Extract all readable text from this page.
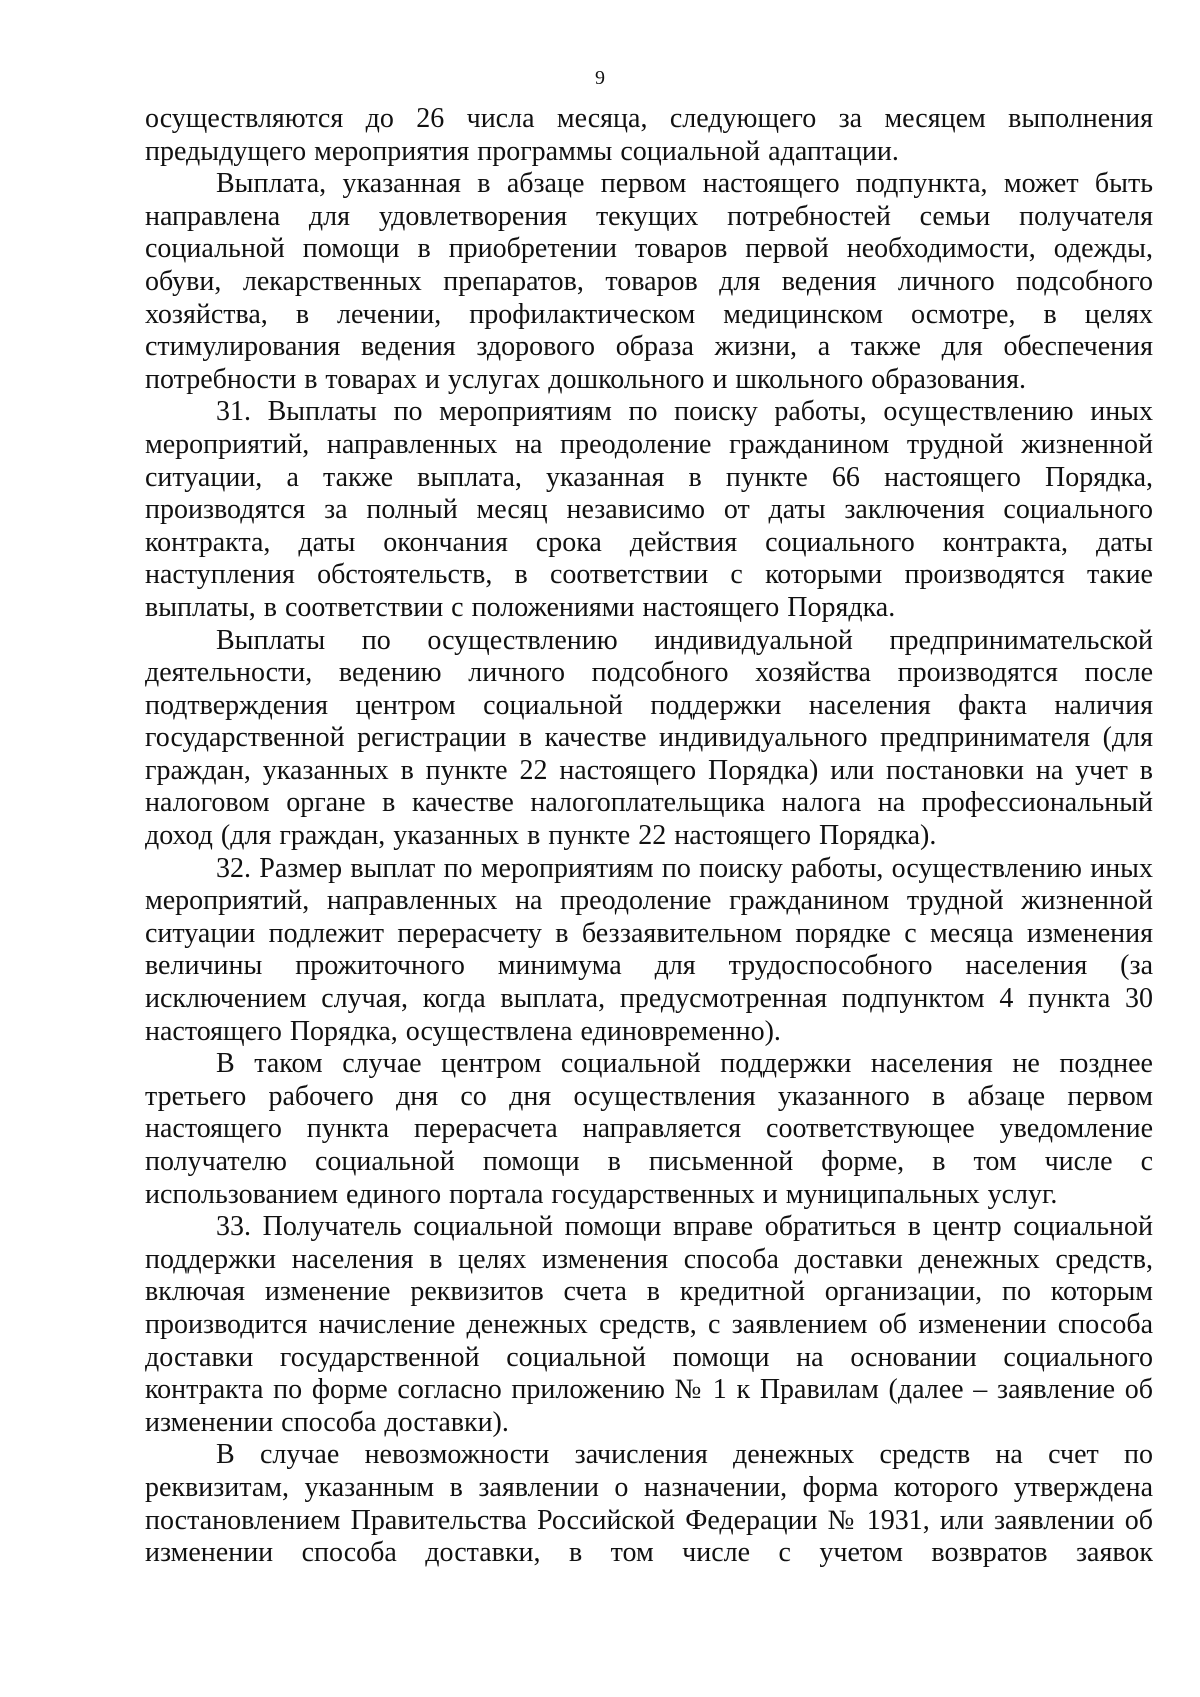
9

осуществляются до 26 числа месяца, следующего за месяцем выполнения предыдущего мероприятия программы социальной адаптации.

Выплата, указанная в абзаце первом настоящего подпункта, может быть направлена для удовлетворения текущих потребностей семьи получателя социальной помощи в приобретении товаров первой необходимости, одежды, обуви, лекарственных препаратов, товаров для ведения личного подсобного хозяйства, в лечении, профилактическом медицинском осмотре, в целях стимулирования ведения здорового образа жизни, а также для обеспечения потребности в товарах и услугах дошкольного и школьного образования.

31. Выплаты по мероприятиям по поиску работы, осуществлению иных мероприятий, направленных на преодоление гражданином трудной жизненной ситуации, а также выплата, указанная в пункте 66 настоящего Порядка, производятся за полный месяц независимо от даты заключения социального контракта, даты окончания срока действия социального контракта, даты наступления обстоятельств, в соответствии с которыми производятся такие выплаты, в соответствии с положениями настоящего Порядка.

Выплаты по осуществлению индивидуальной предпринимательской деятельности, ведению личного подсобного хозяйства производятся после подтверждения центром социальной поддержки населения факта наличия государственной регистрации в качестве индивидуального предпринимателя (для граждан, указанных в пункте 22 настоящего Порядка) или постановки на учет в налоговом органе в качестве налогоплательщика налога на профессиональный доход (для граждан, указанных в пункте 22 настоящего Порядка).

32. Размер выплат по мероприятиям по поиску работы, осуществлению иных мероприятий, направленных на преодоление гражданином трудной жизненной ситуации подлежит перерасчету в беззаявительном порядке с месяца изменения величины прожиточного минимума для трудоспособного населения (за исключением случая, когда выплата, предусмотренная подпунктом 4 пункта 30 настоящего Порядка, осуществлена единовременно).

В таком случае центром социальной поддержки населения не позднее третьего рабочего дня со дня осуществления указанного в абзаце первом настоящего пункта перерасчета направляется соответствующее уведомление получателю социальной помощи в письменной форме, в том числе с использованием единого портала государственных и муниципальных услуг.

33. Получатель социальной помощи вправе обратиться в центр социальной поддержки населения в целях изменения способа доставки денежных средств, включая изменение реквизитов счета в кредитной организации, по которым производится начисление денежных средств, с заявлением об изменении способа доставки государственной социальной помощи на основании социального контракта по форме согласно приложению № 1 к Правилам (далее – заявление об изменении способа доставки).

В случае невозможности зачисления денежных средств на счет по реквизитам, указанным в заявлении о назначении, форма которого утверждена постановлением Правительства Российской Федерации № 1931, или заявлении об изменении способа доставки, в том числе с учетом возвратов заявок
